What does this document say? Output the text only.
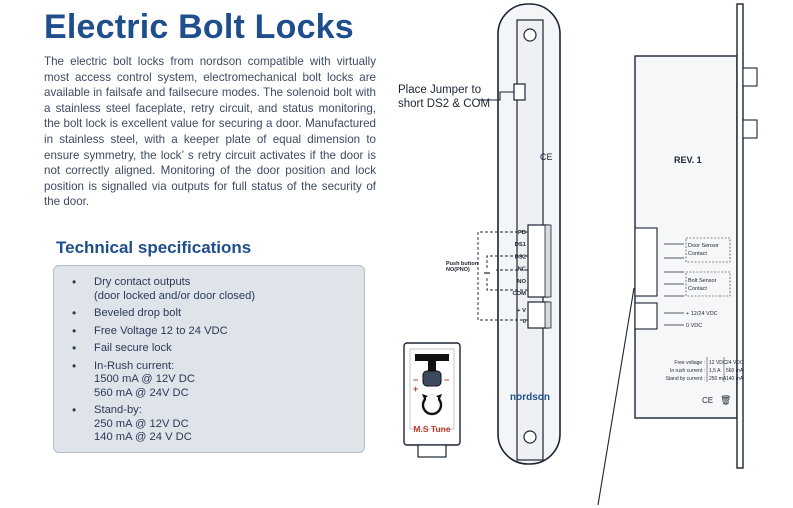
Electric Bolt Locks
The electric bolt locks from nordson compatible with virtually most access control system, electromechanical bolt locks are available in failsafe and failsecure modes. The solenoid bolt with a stainless steel faceplate, retry circuit, and status monitoring, the bolt lock is excellent value for securing a door. Manufactured in stainless steel, with a keeper plate of equal dimension to ensure symmetry, the lock’ s retry circuit activates if the door is not correctly aligned. Monitoring of the door position and lock position is signalled via outputs for full status of the security of the door.
Technical specifications
• Dry contact outputs
(door locked and/or door closed)
• Beveled drop bolt
• Free Voltage 12 to 24 VDC
• Fail secure lock
• In-Rush current:
1500 mA @ 12V DC
560 mA @ 24V DC
• Stand-by:
250 mA @ 12V DC
140 mA @ 24 V DC
CE
PB
DS1
DS2
NC
NO
COM
+ V
0
nordson
Place Jumper to
short DS2 & COM
Push button
NO(PNO)
REV. 1
Door Sensor
Contact
Bolt Sensor
Contact
+ 12/24 VDC
0 VDC
Free voltage : 12 VDC 24 VDC
In rush current : 1,5 A 560 mA
Stand by current : 250 mA 140 mA
CE 🗑
−
+
−
M.S Tune
